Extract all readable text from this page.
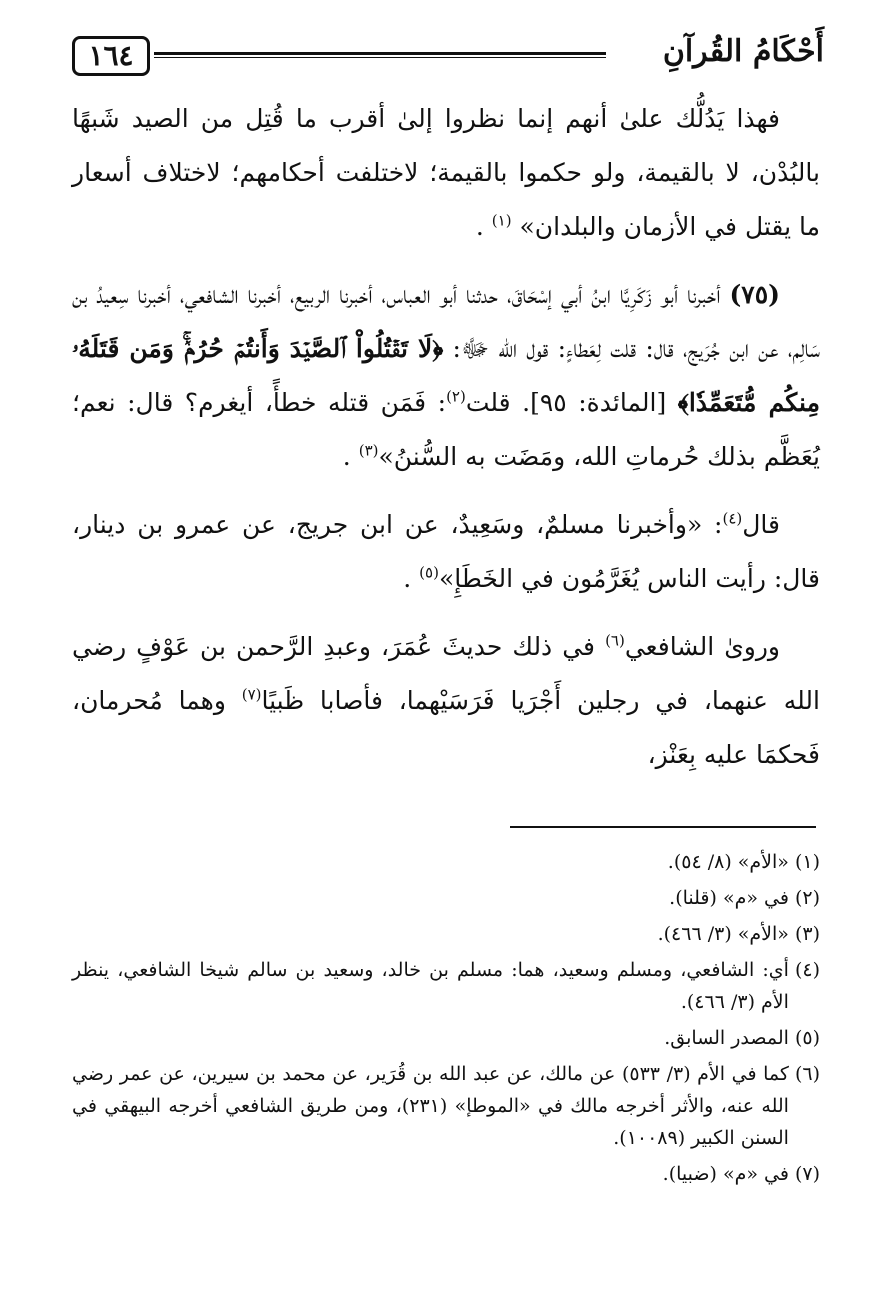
١٦٤	أَحْكَامُ القُرآنِ

فهذا يَدُلُّك علىٰ أنهم إنما نظروا إلىٰ أقرب ما قُتِل من الصيد شَبهًا بالبُدْن، لا بالقيمة، ولو حكموا بالقيمة؛ لاختلفت أحكامهم؛ لاختلاف أسعار ما يقتل في الأزمان والبلدان» $^{(١)}$ .

(٧٥) أخبرنا أبو زَكَرِيَّا ابنُ أبي إسْحَاقَ، حدثنا أبو العباس، أخبرنا الربيع، أخبرنا الشافعي، أخبرنا سِعيدُ بن سَالِم، عن ابن جُرَيج، قال: قلت لِعَطاءٍ: قول الله ﷻ: ﴿لَا تَقۡتُلُواْ ٱلصَّيۡدَ وَأَنتُمۡ حُرُمٞۚ وَمَن قَتَلَهُۥ مِنكُم مُّتَعَمِّدٗا﴾ [المائدة: ٩٥]. قلت$^{(٢)}$: فَمَن قتله خطأً، أيغرم؟ قال: نعم؛ يُعَظَّم بذلك حُرماتِ الله، ومَضَت به السُّننُ»$^{(٣)}$ .

قال$^{(٤)}$: «وأخبرنا مسلمٌ، وسَعِيدٌ، عن ابن جريج، عن عمرو بن دينار، قال: رأيت الناس يُغَرَّمُون في الخَطَإِ»$^{(٥)}$ .

وروىٰ الشافعي$^{(٦)}$ في ذلك حديثَ عُمَرَ، وعبدِ الرَّحمن بن عَوْفٍ رضي الله عنهما، في رجلين أَجْرَيا فَرَسَيْهما، فأصابا ظَبيًا$^{(٧)}$ وهما مُحرمان، فَحكمَا عليه بِعَنْز،

(١)
«الأم» (٨/ ٥٤).
(٢)
في «م» (قلنا).
(٣)
«الأم» (٣/ ٤٦٦).
(٤)
أي: الشافعي، ومسلم وسعيد، هما: مسلم بن خالد، وسعيد بن سالم شيخا الشافعي، ينظر الأم (٣/ ٤٦٦).
(٥)
المصدر السابق.
(٦)
كما في الأم (٣/ ٥٣٣) عن مالك، عن عبد الله بن قُرَير، عن محمد بن سيرين، عن عمر رضي الله عنه، والأثر أخرجه مالك في «الموطإ» (٢٣١)، ومن طريق الشافعي أخرجه البيهقي في السنن الكبير (١٠٠٨٩).
(٧)
في «م» (ضبيا).
